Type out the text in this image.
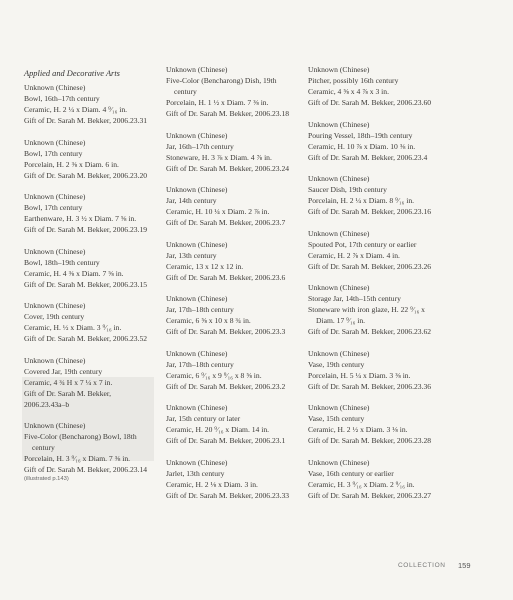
Applied and Decorative Arts
Unknown (Chinese)
Bowl, 16th–17th century
Ceramic, H. 2 ¼ x Diam. 4 ⁹⁄₁₆ in.
Gift of Dr. Sarah M. Bekker, 2006.23.31
Unknown (Chinese)
Bowl, 17th century
Porcelain, H. 2 ⅜ x Diam. 6 in.
Gift of Dr. Sarah M. Bekker, 2006.23.20
Unknown (Chinese)
Bowl, 17th century
Earthenware, H. 3 ½ x Diam. 7 ⅝ in.
Gift of Dr. Sarah M. Bekker, 2006.23.19
Unknown (Chinese)
Bowl, 18th–19th century
Ceramic, H. 4 ⅜ x Diam. 7 ⅝ in.
Gift of Dr. Sarah M. Bekker, 2006.23.15
Unknown (Chinese)
Cover, 19th century
Ceramic, H. ½ x Diam. 3 ⁹⁄₁₆ in.
Gift of Dr. Sarah M. Bekker, 2006.23.52
Unknown (Chinese)
Covered Jar, 19th century
Ceramic, 4 ¾ H x 7 ¼ x 7 in.
Gift of Dr. Sarah M. Bekker,
2006.23.43a–b
Unknown (Chinese)
Five-Color (Bencharong) Bowl, 18th century
Porcelain, H. 3 ⁹⁄₁₆ x Diam. 7 ⅜ in.
Gift of Dr. Sarah M. Bekker, 2006.23.14
(illustrated p.143)
Unknown (Chinese)
Five-Color (Bencharong) Dish, 19th century
Porcelain, H. 1 ½ x Diam. 7 ⅜ in.
Gift of Dr. Sarah M. Bekker, 2006.23.18
Unknown (Chinese)
Jar, 16th–17th century
Stoneware, H. 3 ⅞ x Diam. 4 ⅞ in.
Gift of Dr. Sarah M. Bekker, 2006.23.24
Unknown (Chinese)
Jar, 14th century
Ceramic, H. 10 ¼ x Diam. 2 ⅞ in.
Gift of Dr. Sarah M. Bekker, 2006.23.7
Unknown (Chinese)
Jar, 13th century
Ceramic, 13 x 12 x 12 in.
Gift of Dr. Sarah M. Bekker, 2006.23.6
Unknown (Chinese)
Jar, 17th–18th century
Ceramic, 6 ⅝ x 10 x 8 ¾ in.
Gift of Dr. Sarah M. Bekker, 2006.23.3
Unknown (Chinese)
Jar, 17th–18th century
Ceramic, 6 ⁹⁄₁₆ x 9 ⁹⁄₁₆ x 8 ⅝ in.
Gift of Dr. Sarah M. Bekker, 2006.23.2
Unknown (Chinese)
Jar, 15th century or later
Ceramic, H. 20 ⁹⁄₁₆ x Diam. 14 in.
Gift of Dr. Sarah M. Bekker, 2006.23.1
Unknown (Chinese)
Jarlet, 13th century
Ceramic, H. 2 ⅛ x Diam. 3 in.
Gift of Dr. Sarah M. Bekker, 2006.23.33
Unknown (Chinese)
Pitcher, possibly 16th century
Ceramic, 4 ⅝ x 4 ⅞ x 3 in.
Gift of Dr. Sarah M. Bekker, 2006.23.60
Unknown (Chinese)
Pouring Vessel, 18th–19th century
Ceramic, H. 10 ⅞ x Diam. 10 ⅜ in.
Gift of Dr. Sarah M. Bekker, 2006.23.4
Unknown (Chinese)
Saucer Dish, 19th century
Porcelain, H. 2 ¼ x Diam. 8 ⁹⁄₁₆ in.
Gift of Dr. Sarah M. Bekker, 2006.23.16
Unknown (Chinese)
Spouted Pot, 17th century or earlier
Ceramic, H. 2 ⅞ x Diam. 4 in.
Gift of Dr. Sarah M. Bekker, 2006.23.26
Unknown (Chinese)
Storage Jar, 14th–15th century
Stoneware with iron glaze, H. 22 ⁹⁄₁₆ x Diam. 17 ⁹⁄₁₆ in.
Gift of Dr. Sarah M. Bekker, 2006.23.62
Unknown (Chinese)
Vase, 19th century
Porcelain, H. 5 ¼ x Diam. 3 ⅜ in.
Gift of Dr. Sarah M. Bekker, 2006.23.36
Unknown (Chinese)
Vase, 15th century
Ceramic, H. 2 ½ x Diam. 3 ⅛ in.
Gift of Dr. Sarah M. Bekker, 2006.23.28
Unknown (Chinese)
Vase, 16th century or earlier
Ceramic, H. 3 ⁹⁄₁₆ x Diam. 2 ⁹⁄₁₆ in.
Gift of Dr. Sarah M. Bekker, 2006.23.27
COLLECTION 159
